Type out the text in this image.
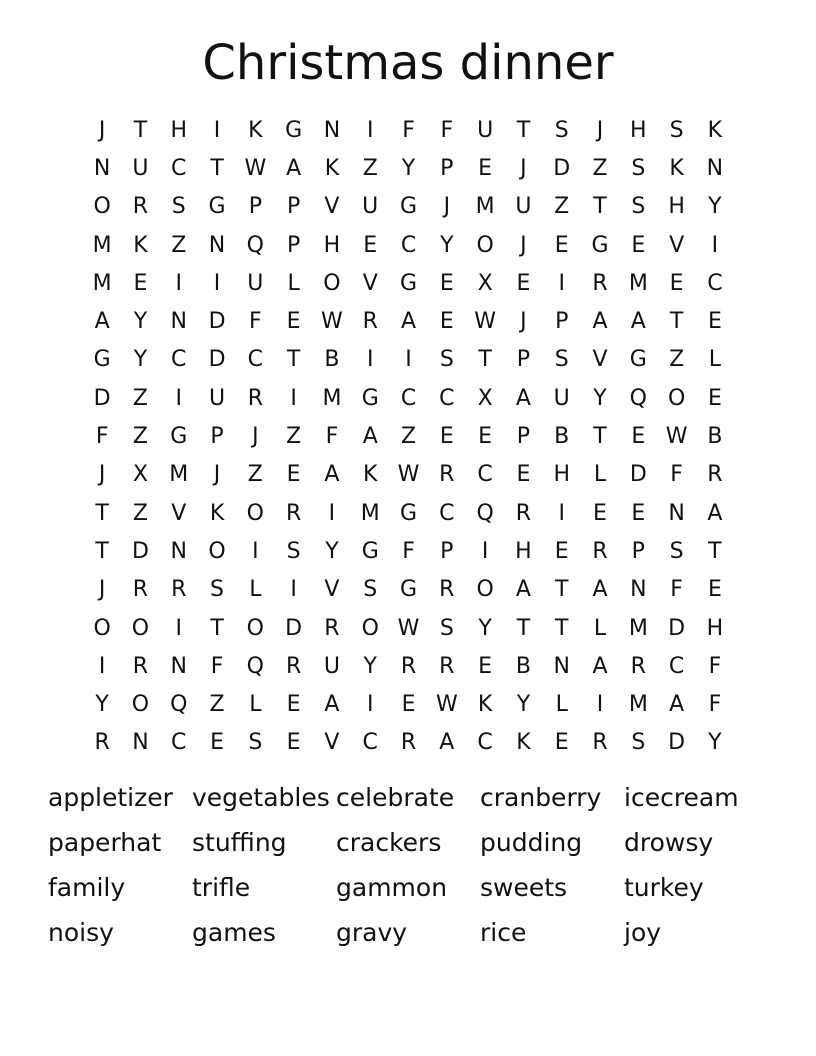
Christmas dinner
J	T	H	I	K	G N	I	F	F	U	T	S	J	H	S	K
N	U	C	T W A	K	Z	Y	P	E	J	D	Z	S	K	N
O R	S	G	P	P	V	U G	J	M U	Z	T	S	H	Y
M K	Z	N Q	P	H	E	C	Y	O	J	E	G	E	V	I
M E	I	I	U	L	O	V	G	E	X	E	I	R M E	C
A	Y	N D	F	E W R	A	E W	J	P	A	A	T	E
G	Y	C	D	C	T	B	I	I	S	T	P	S	V	G	Z	L
D	Z	I	U	R	I	M G	C	C	X	A	U	Y	Q O	E
F	Z	G	P	J	Z	F	A	Z	E	E	P	B	T	E W B
J	X M	J	Z	E	A	K W R	C	E	H	L	D	F	R
T	Z	V	K	O R	I	M G	C Q R	I	E	E	N	A
T	D N O	I	S	Y	G	F	P	I	H	E	R	P	S	T
J	R	R	S	L	I	V	S	G	R O	A	T	A	N	F	E
O O	I	T	O D	R O W S	Y	T	T	L	M D H
I	R	N	F	Q R	U	Y	R	R	E	B	N	A	R	C	F
Y	O Q	Z	L	E	A	I	E W K	Y	L	I	M A	F
R	N	C	E	S	E	V	C	R	A	C	K	E	R	S	D	Y
appletizer vegetables celebrate	cranberry icecream
paperhat	stuffing	crackers	pudding	drowsy
family	trifle	gammon	sweets	turkey
noisy	games	gravy	rice	joy
